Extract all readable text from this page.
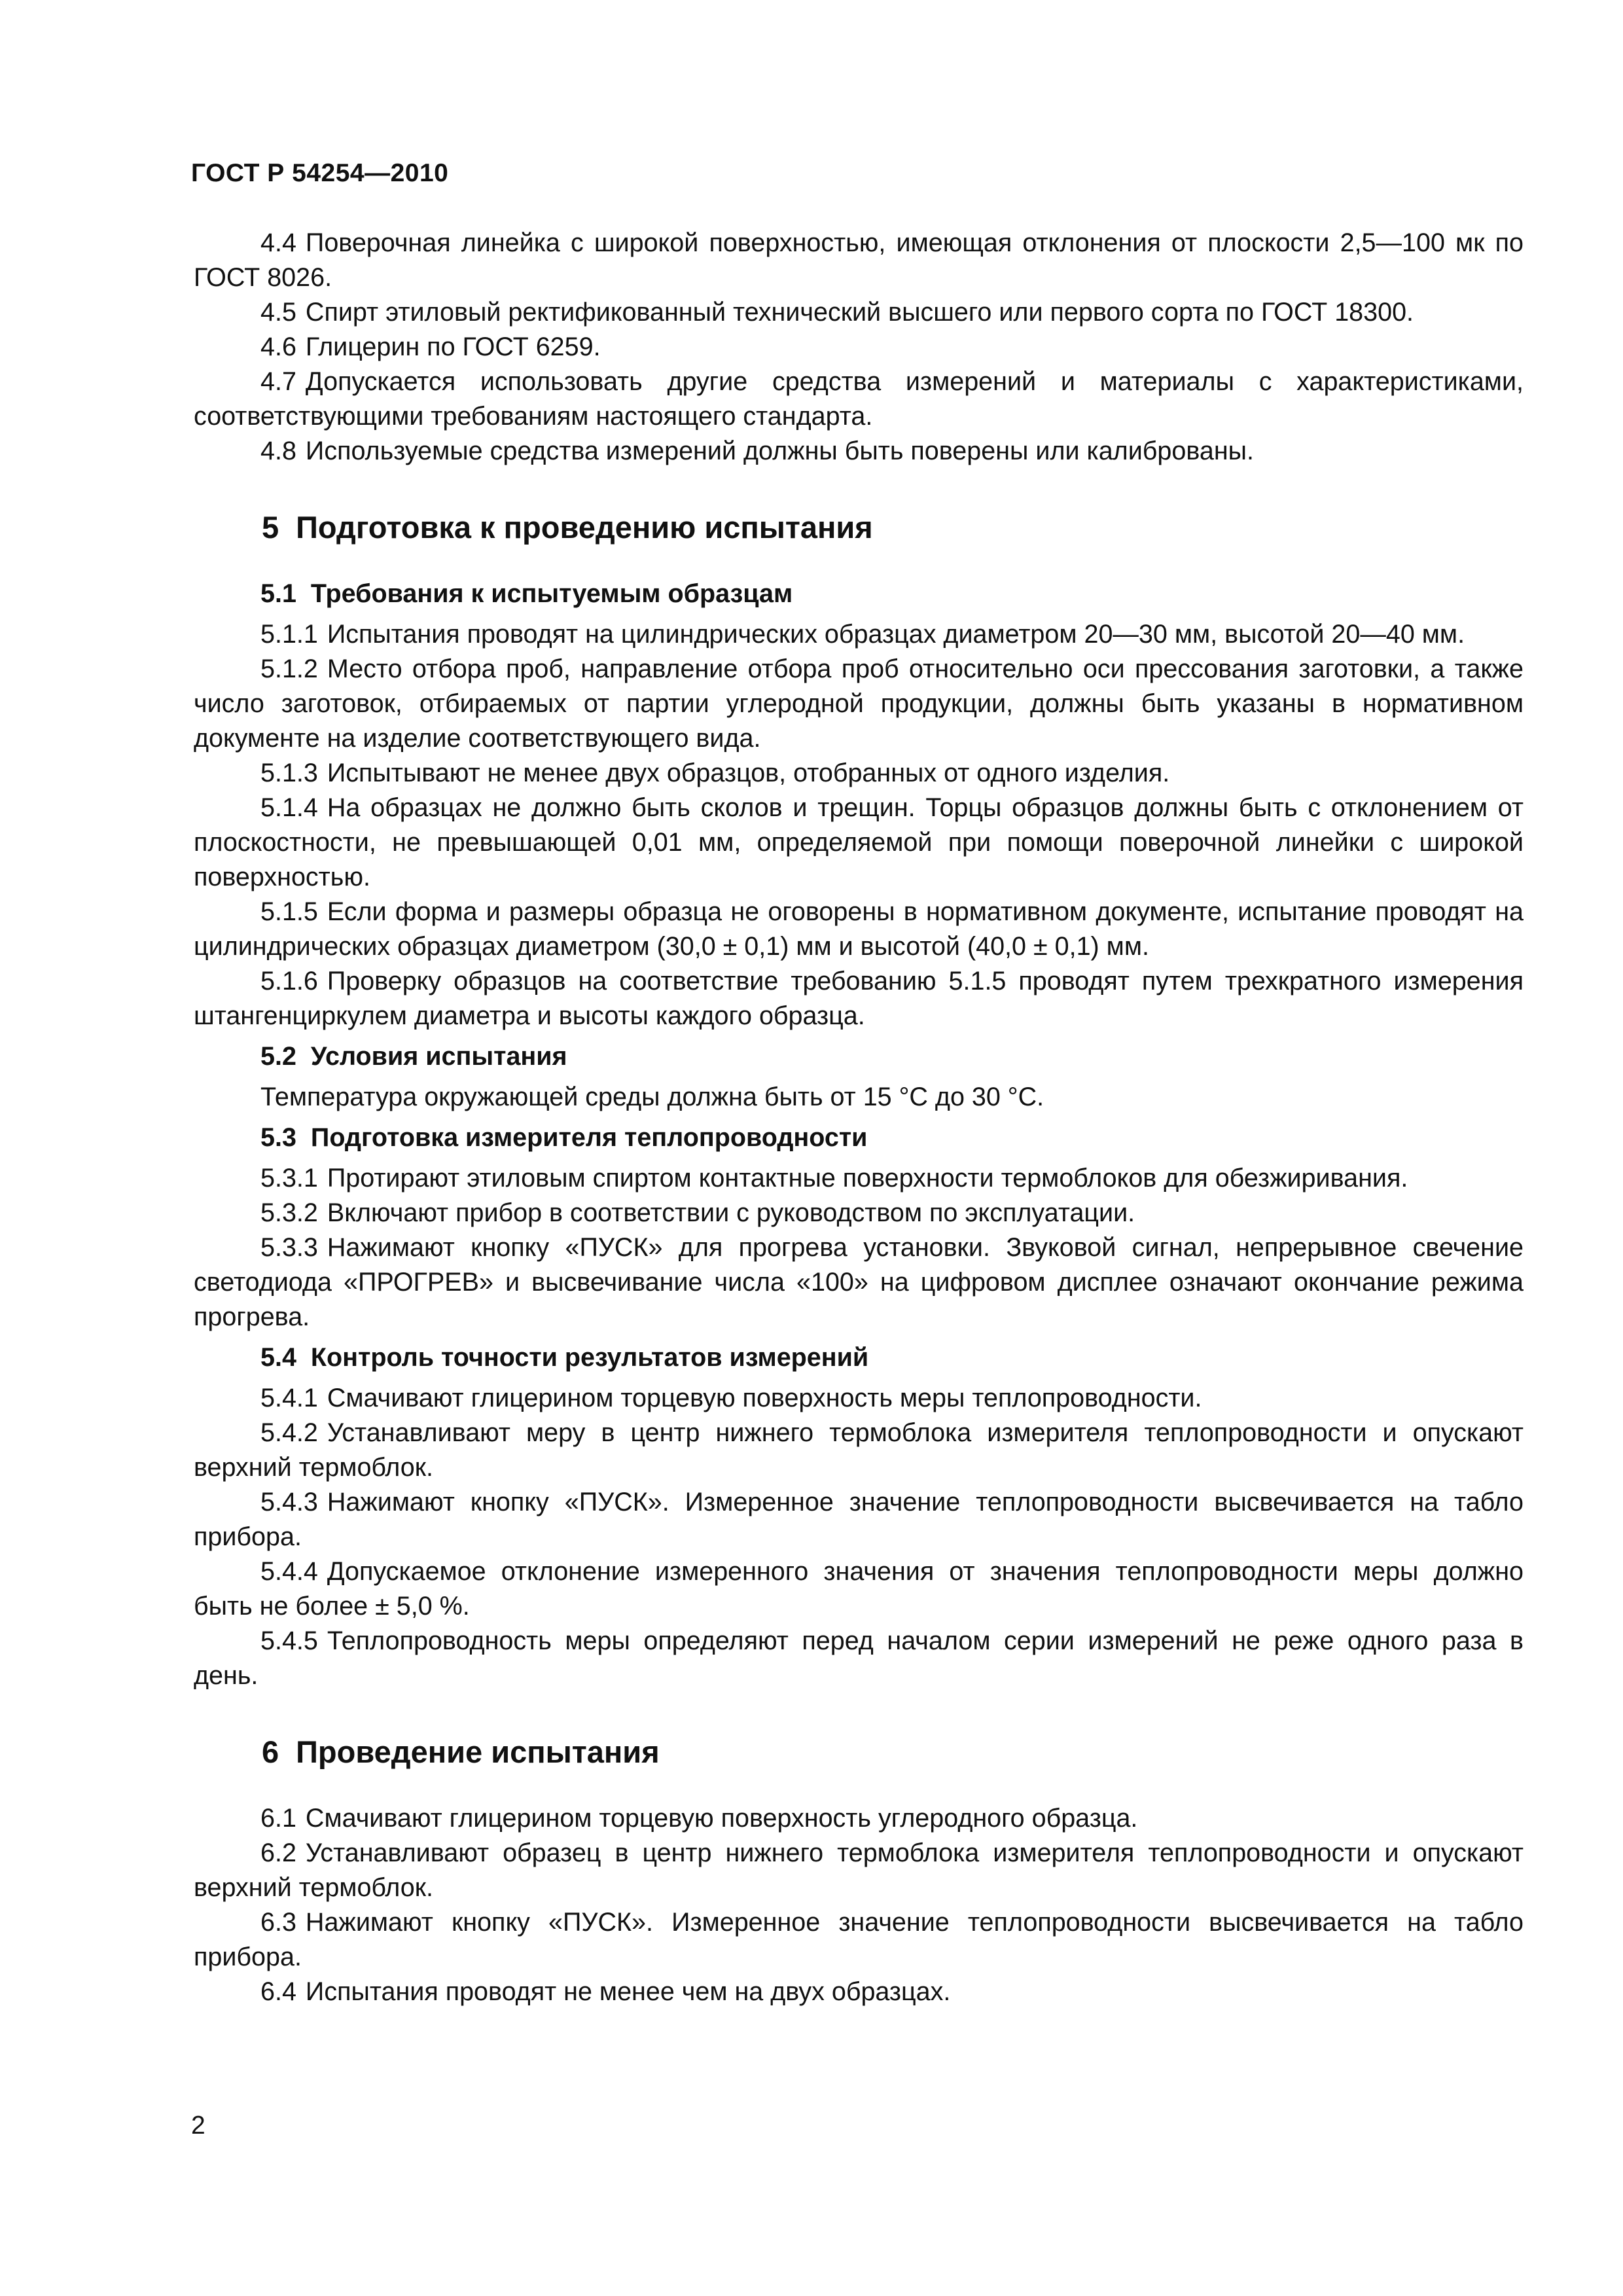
ГОСТ Р 54254—2010

4.4 Поверочная линейка с широкой поверхностью, имеющая отклонения от плоскости 2,5—100 мк по ГОСТ 8026.

4.5 Спирт этиловый ректификованный технический высшего или первого сорта по ГОСТ 18300.

4.6 Глицерин по ГОСТ 6259.

4.7 Допускается использовать другие средства измерений и материалы с характеристиками, соответствующими требованиям настоящего стандарта.

4.8 Используемые средства измерений должны быть поверены или калиброваны.

5 Подготовка к проведению испытания
5.1 Требования к испытуемым образцам

5.1.1 Испытания проводят на цилиндрических образцах диаметром 20—30 мм, высотой 20—40 мм.

5.1.2 Место отбора проб, направление отбора проб относительно оси прессования заготовки, а также число заготовок, отбираемых от партии углеродной продукции, должны быть указаны в нормативном документе на изделие соответствующего вида.

5.1.3 Испытывают не менее двух образцов, отобранных от одного изделия.

5.1.4 На образцах не должно быть сколов и трещин. Торцы образцов должны быть с отклонением от плоскостности, не превышающей 0,01 мм, определяемой при помощи поверочной линейки с широкой поверхностью.

5.1.5 Если форма и размеры образца не оговорены в нормативном документе, испытание проводят на цилиндрических образцах диаметром (30,0 ± 0,1) мм и высотой (40,0 ± 0,1) мм.

5.1.6 Проверку образцов на соответствие требованию 5.1.5 проводят путем трехкратного измерения штангенциркулем диаметра и высоты каждого образца.

5.2 Условия испытания

Температура окружающей среды должна быть от 15 °С до 30 °С.

5.3 Подготовка измерителя теплопроводности

5.3.1 Протирают этиловым спиртом контактные поверхности термоблоков для обезжиривания.

5.3.2 Включают прибор в соответствии с руководством по эксплуатации.

5.3.3 Нажимают кнопку «ПУСК» для прогрева установки. Звуковой сигнал, непрерывное свечение светодиода «ПРОГРЕВ» и высвечивание числа «100» на цифровом дисплее означают окончание режима прогрева.

5.4 Контроль точности результатов измерений

5.4.1 Смачивают глицерином торцевую поверхность меры теплопроводности.

5.4.2 Устанавливают меру в центр нижнего термоблока измерителя теплопроводности и опускают верхний термоблок.

5.4.3 Нажимают кнопку «ПУСК». Измеренное значение теплопроводности высвечивается на табло прибора.

5.4.4 Допускаемое отклонение измеренного значения от значения теплопроводности меры должно быть не более ± 5,0 %.

5.4.5 Теплопроводность меры определяют перед началом серии измерений не реже одного раза в день.

6 Проведение испытания

6.1 Смачивают глицерином торцевую поверхность углеродного образца.

6.2 Устанавливают образец в центр нижнего термоблока измерителя теплопроводности и опускают верхний термоблок.

6.3 Нажимают кнопку «ПУСК». Измеренное значение теплопроводности высвечивается на табло прибора.

6.4 Испытания проводят не менее чем на двух образцах.

2
